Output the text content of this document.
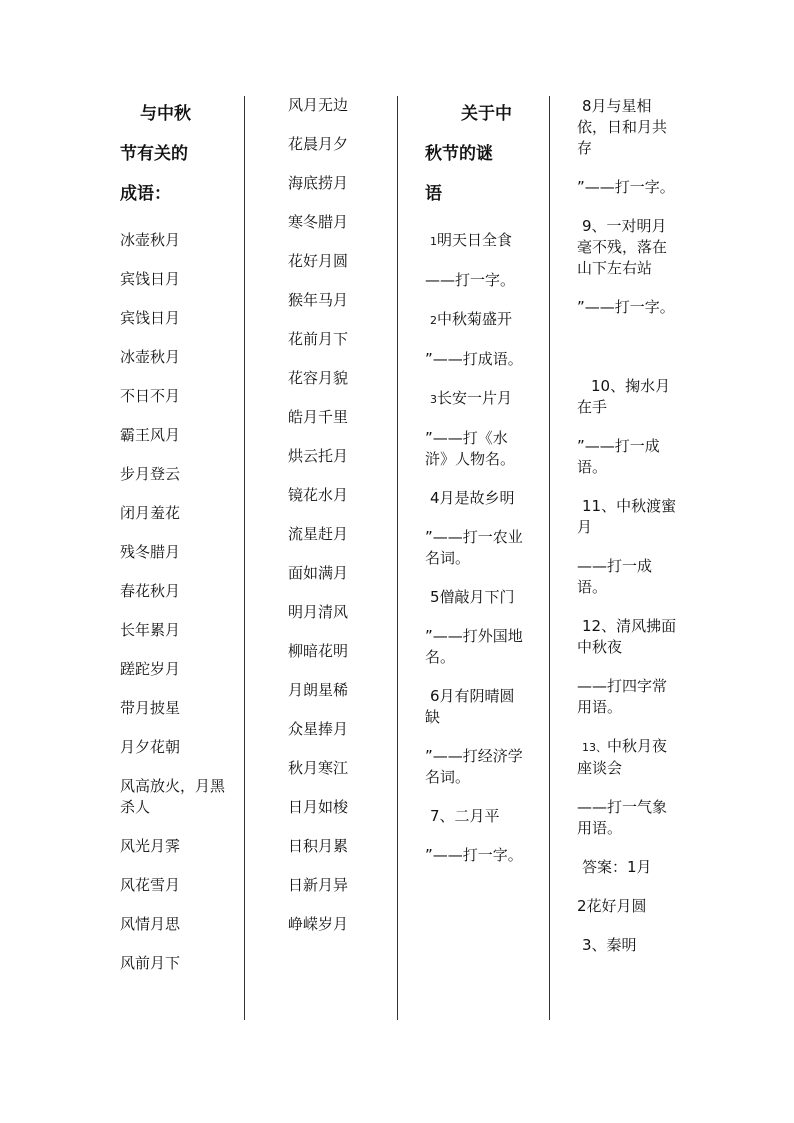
与中秋
节有关的
成语：
冰壶秋月
宾饯日月
宾饯日月
冰壶秋月
不日不月
霸王风月
步月登云
闭月羞花
残冬腊月
春花秋月
长年累月
蹉跎岁月
带月披星
月夕花朝
风高放火，月黑杀人
风光月霁
风花雪月
风情月思
风前月下
风月无边
花晨月夕
海底捞月
寒冬腊月
花好月圆
猴年马月
花前月下
花容月貌
皓月千里
烘云托月
镜花水月
流星赶月
面如满月
明月清风
柳暗花明
月朗星稀
众星捧月
秋月寒江
日月如梭
日积月累
日新月异
峥嵘岁月
关于中
秋节的谜
语
1明天日全食
——打一字。
2中秋菊盛开
”——打成语。
3长安一片月
”——打《水浒》人物名。
4月是故乡明
”——打一农业名词。
5僧敲月下门
”——打外国地名。
6月有阴晴圆缺
”——打经济学名词。
7、二月平
”——打一字。
8月与星相依，日和月共存
”——打一字。
9、一对明月毫不残，落在山下左右站
”——打一字。
10、掬水月在手
”——打一成语。
11、中秋渡蜜月
——打一成语。
12、清风拂面中秋夜
——打四字常用语。
13、中秋月夜座谈会
——打一气象用语。
答案：1月
2花好月圆
3、秦明
